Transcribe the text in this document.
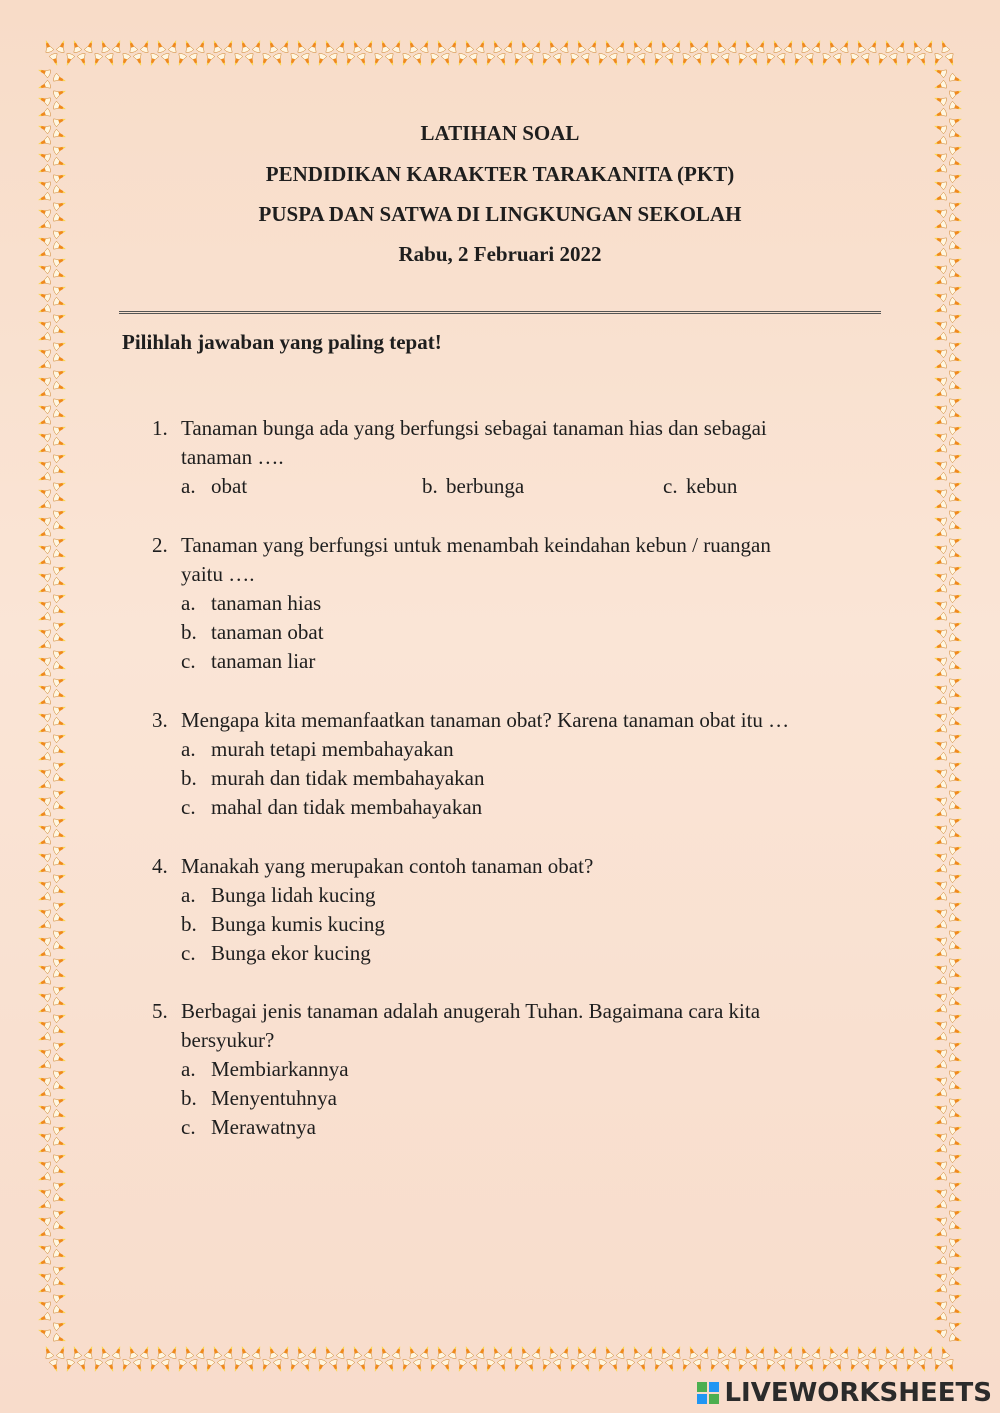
LATIHAN SOAL
PENDIDIKAN KARAKTER TARAKANITA (PKT)
PUSPA DAN SATWA DI LINGKUNGAN SEKOLAH
Rabu, 2 Februari 2022
Pilihlah jawaban yang paling tepat!
1. Tanaman bunga ada yang berfungsi sebagai tanaman hias dan sebagai
tanaman ….
a. obat	b. berbunga	c. kebun
2. Tanaman yang berfungsi untuk menambah keindahan kebun / ruangan
yaitu ….
a. tanaman hias
b. tanaman obat
c. tanaman liar
3. Mengapa kita memanfaatkan tanaman obat? Karena tanaman obat itu …
a. murah tetapi membahayakan
b. murah dan tidak membahayakan
c. mahal dan tidak membahayakan
4. Manakah yang merupakan contoh tanaman obat?
a. Bunga lidah kucing
b. Bunga kumis kucing
c. Bunga ekor kucing
5. Berbagai jenis tanaman adalah anugerah Tuhan. Bagaimana cara kita
bersyukur?
a. Membiarkannya
b. Menyentuhnya
c. Merawatnya
LIVEWORKSHEETS
